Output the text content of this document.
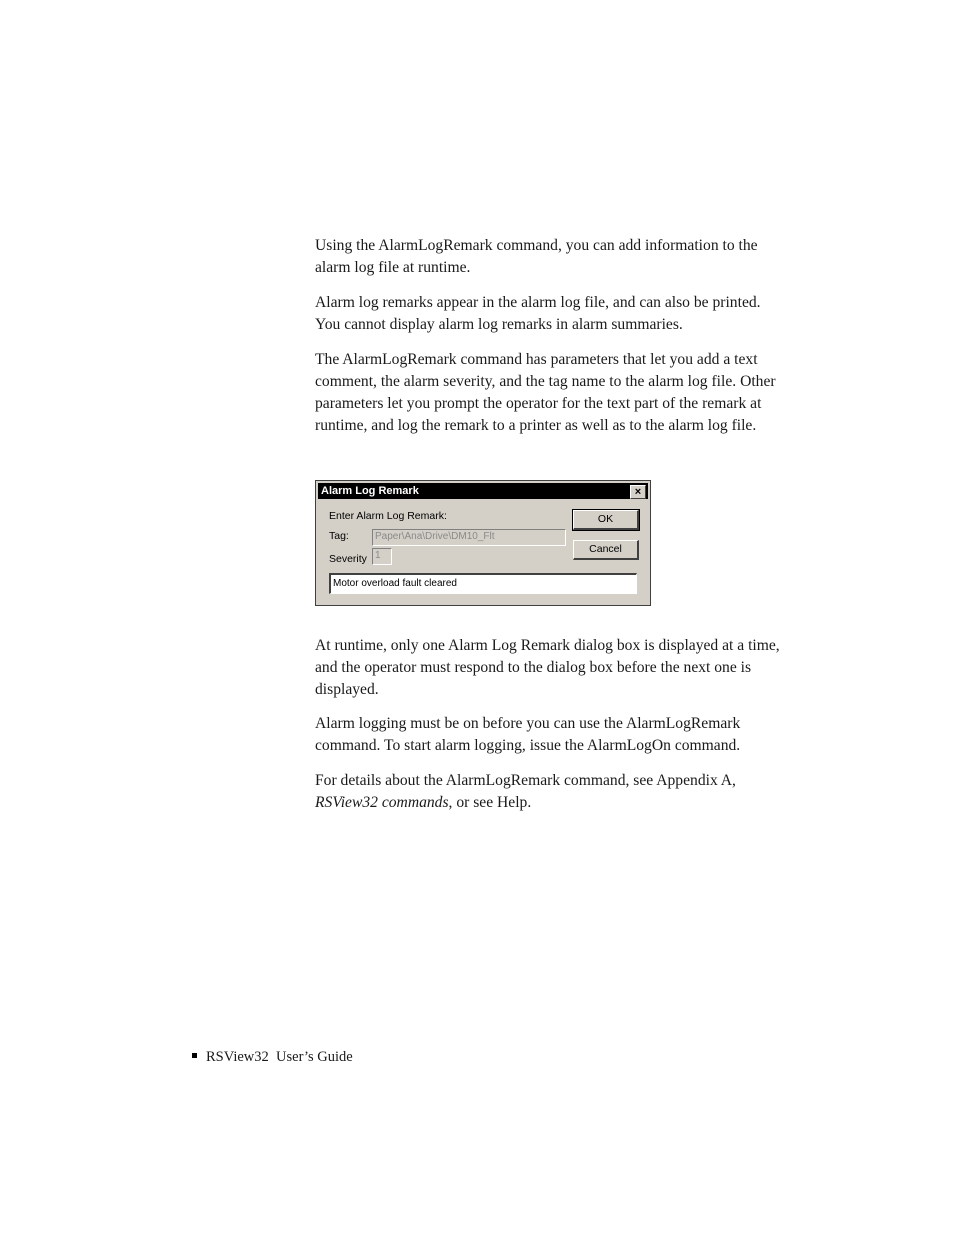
Using the AlarmLogRemark command, you can add information to the alarm log file at runtime.

Alarm log remarks appear in the alarm log file, and can also be printed. You cannot display alarm log remarks in alarm summaries.

The AlarmLogRemark command has parameters that let you add a text comment, the alarm severity, and the tag name to the alarm log file. Other parameters let you prompt the operator for the text part of the remark at runtime, and log the remark to a printer as well as to the alarm log file.

Alarm Log Remark	×
Enter Alarm Log Remark:
Tag:	Paper\Ana\Drive\DM10_Flt
Severity 1
Motor overload fault cleared
OK
Cancel

At runtime, only one Alarm Log Remark dialog box is displayed at a time, and the operator must respond to the dialog box before the next one is displayed.

Alarm logging must be on before you can use the AlarmLogRemark command. To start alarm logging, issue the AlarmLogOn command.

For details about the AlarmLogRemark command, see Appendix A, RSView32 commands, or see Help.

RSView32  User’s Guide
